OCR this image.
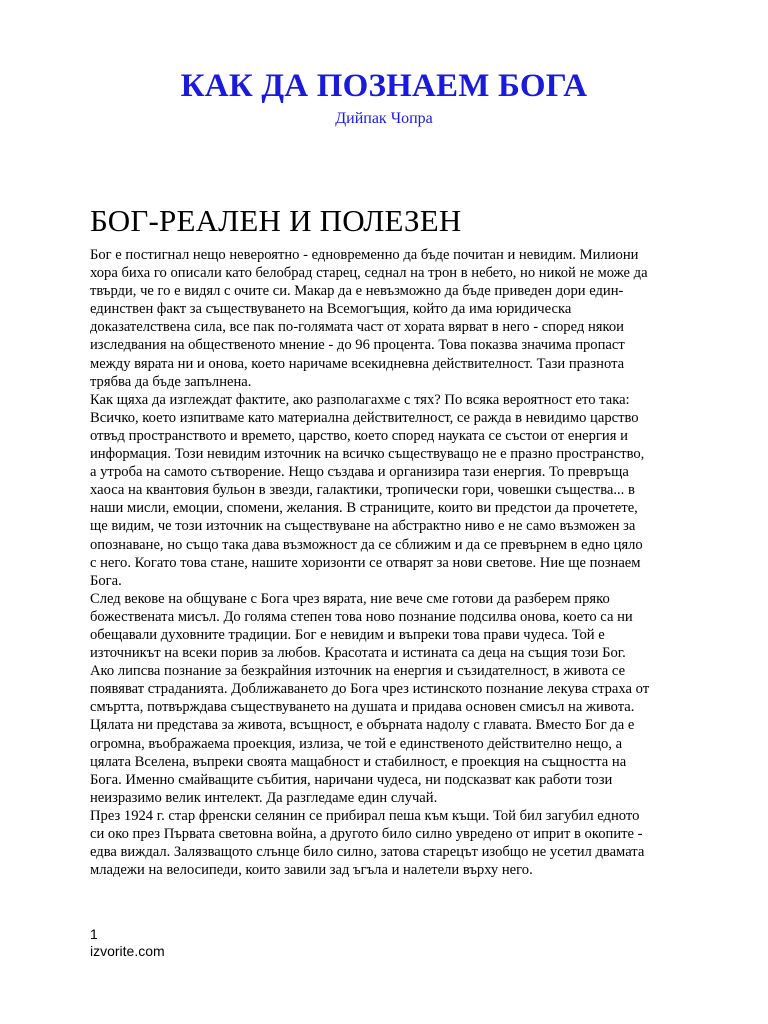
КАК ДА ПОЗНАЕМ БОГА
Дийпак Чопра
БОГ-РЕАЛЕН И ПОЛЕЗЕН

Бог е постигнал нещо невероятно - едновременно да бъде почитан и невидим. Милиони хора биха го описали като белобрад старец, седнал на трон в небето, но никой не може да твърди, че го е видял с очите си. Макар да е невъзможно да бъде приведен дори един-единствен факт за съществуването на Всемогъщия, който да има юридическа доказателствена сила, все пак по-голямата част от хората вярват в него - според някои изследвания на общественото мнение - до 96 процента. Това показва значима пропаст между вярата ни и онова, което наричаме всекидневна действителност. Тази празнота трябва да бъде запълнена.

Как щяха да изглеждат фактите, ако разполагахме с тях? По всяка вероятност ето така: Всичко, което изпитваме като материална действителност, се ражда в невидимо царство отвъд пространството и времето, царство, което според науката се състои от енергия и информация. Този невидим източник на всичко съществуващо не е празно пространство, а утроба на самото сътворение. Нещо създава и организира тази енергия. То превръща хаоса на квантовия бульон в звезди, галактики, тропически гори, човешки същества... в наши мисли, емоции, спомени, желания. В страниците, които ви предстои да прочетете, ще видим, че този източник на съществуване на абстрактно ниво е не само възможен за опознаване, но също така дава възможност да се сближим и да се превърнем в едно цяло с него. Когато това стане, нашите хоризонти се отварят за нови светове. Ние ще познаем Бога.

След векове на общуване с Бога чрез вярата, ние вече сме готови да разберем пряко божествената мисъл. До голяма степен това ново познание подсилва онова, което са ни обещавали духовните традиции. Бог е невидим и въпреки това прави чудеса. Той е източникът на всеки порив за любов. Красотата и истината са деца на същия този Бог. Ако липсва познание за безкрайния източник на енергия и съзидателност, в живота се появяват страданията. Доближаването до Бога чрез истинското познание лекува страха от смъртта, потвърждава съществуването на душата и придава основен смисъл на живота.

Цялата ни представа за живота, всъщност, е обърната надолу с главата. Вместо Бог да е огромна, въображаема проекция, излиза, че той е единственото действително нещо, а цялата Вселена, въпреки своята мащабност и стабилност, е проекция на същността на Бога. Именно смайващите събития, наричани чудеса, ни подсказват как работи този неизразимо велик интелект. Да разгледаме един случай.

През 1924 г. стар френски селянин се прибирал пеша към къщи. Той бил загубил едното си око през Първата световна война, а другото било силно увредено от иприт в окопите - едва виждал. Залязващото слънце било силно, затова старецът изобщо не усетил двамата младежи на велосипеди, които завили зад ъгъла и налетели върху него.

1
izvorite.com
